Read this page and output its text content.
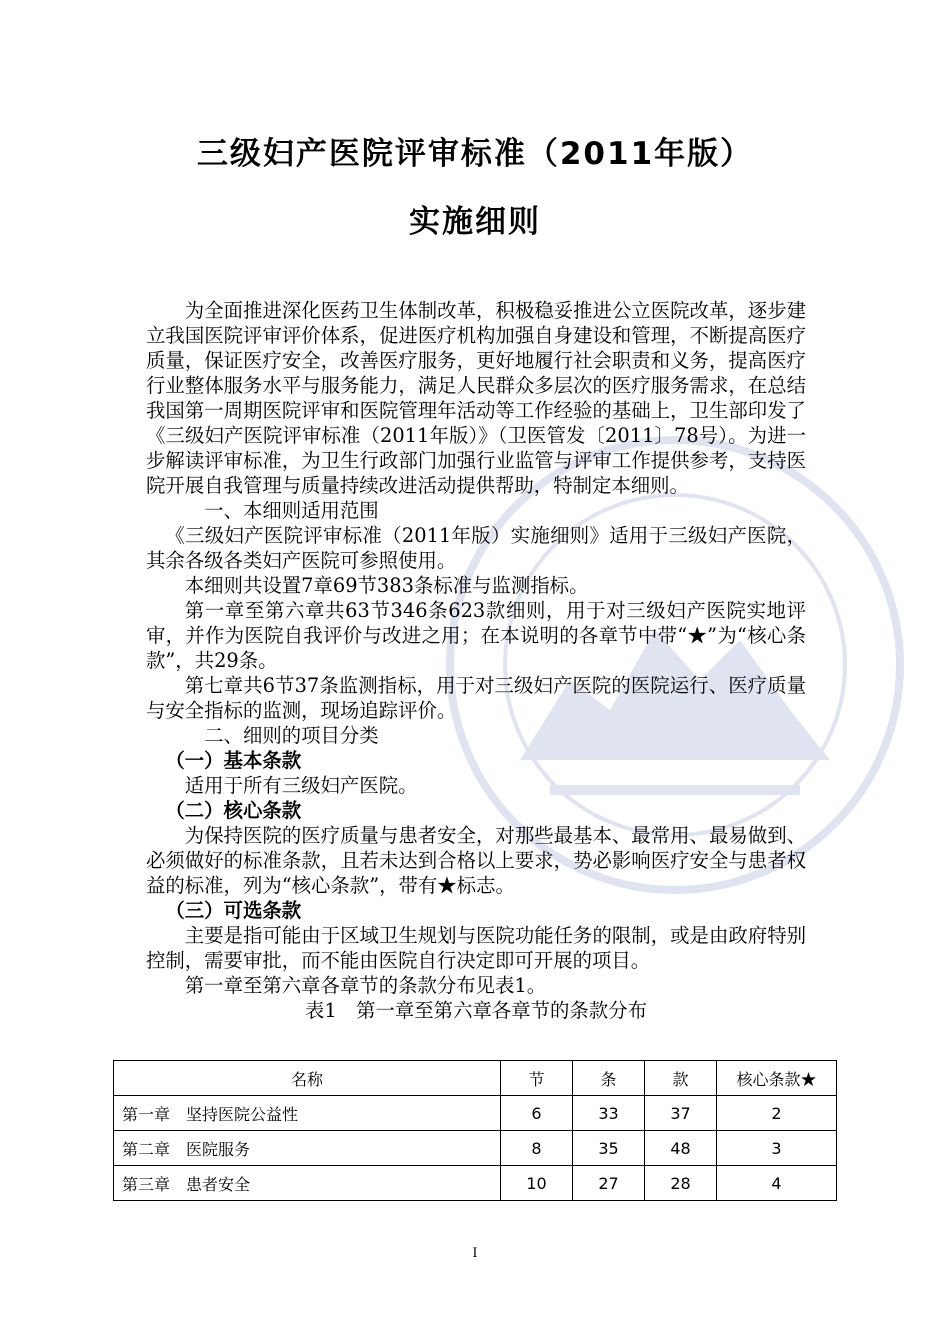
三级妇产医院评审标准（2011年版）
实施细则

为全面推进深化医药卫生体制改革，积极稳妥推进公立医院改革，逐步建立我国医院评审评价体系，促进医疗机构加强自身建设和管理，不断提高医疗质量，保证医疗安全，改善医疗服务，更好地履行社会职责和义务，提高医疗行业整体服务水平与服务能力，满足人民群众多层次的医疗服务需求，在总结我国第一周期医院评审和医院管理年活动等工作经验的基础上，卫生部印发了《三级妇产医院评审标准（2011年版）》（卫医管发〔2011〕78号）。为进一步解读评审标准，为卫生行政部门加强行业监管与评审工作提供参考，支持医院开展自我管理与质量持续改进活动提供帮助，特制定本细则。

一、本细则适用范围

《三级妇产医院评审标准（2011年版）实施细则》适用于三级妇产医院，其余各级各类妇产医院可参照使用。

本细则共设置7章69节383条标准与监测指标。

第一章至第六章共63节346条623款细则，用于对三级妇产医院实地评审，并作为医院自我评价与改进之用；在本说明的各章节中带“★”为“核心条款”，共29条。

第七章共6节37条监测指标，用于对三级妇产医院的医院运行、医疗质量与安全指标的监测，现场追踪评价。

二、细则的项目分类

（一）基本条款

适用于所有三级妇产医院。

（二）核心条款

为保持医院的医疗质量与患者安全，对那些最基本、最常用、最易做到、必须做好的标准条款，且若未达到合格以上要求，势必影响医疗安全与患者权益的标准，列为“核心条款”，带有★标志。

（三）可选条款

主要是指可能由于区域卫生规划与医院功能任务的限制，或是由政府特别控制，需要审批，而不能由医院自行决定即可开展的项目。

第一章至第六章各章节的条款分布见表1。

表1　第一章至第六章各章节的条款分布

名称	节	条	款	核心条款★
第一章　坚持医院公益性	6	33	37	2
第二章　医院服务	8	35	48	3
第三章　患者安全	10	27	28	4
I
